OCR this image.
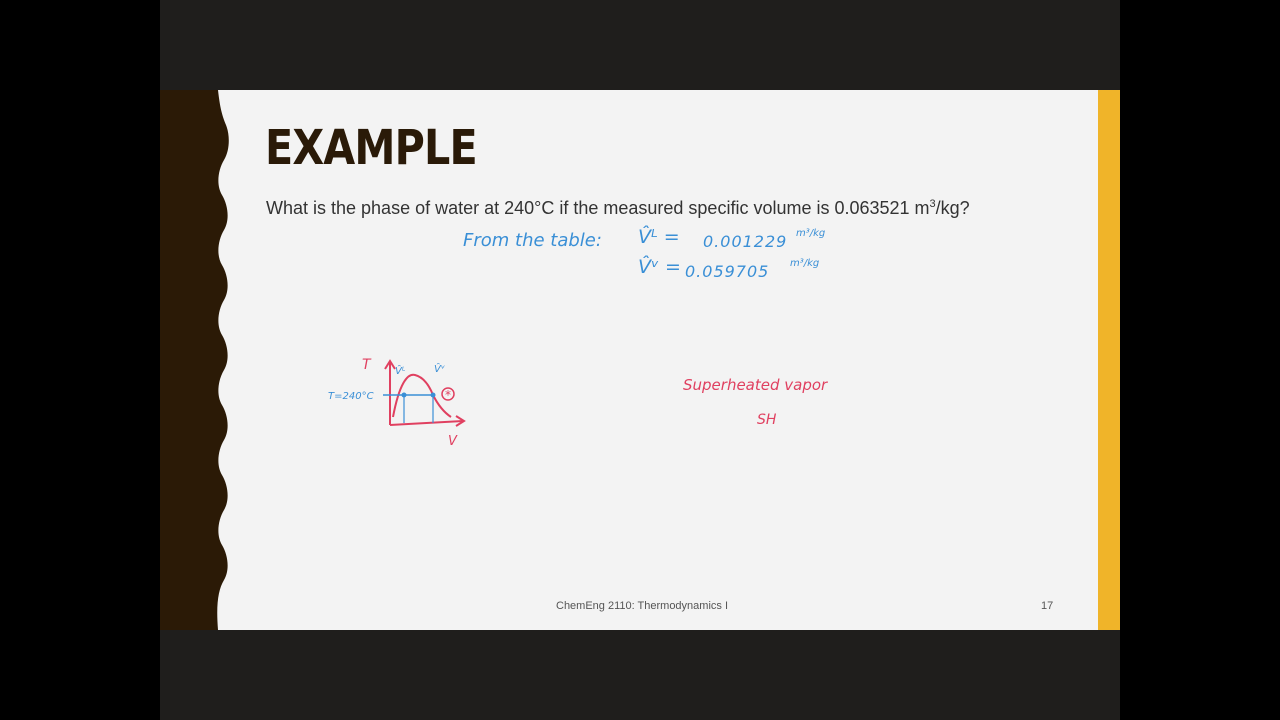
EXAMPLE
What is the phase of water at 240°C if the measured specific volume is 0.063521 $m^3/kg$?
From the table: V̂ᴸ = 0.001229 m³/kg
V̂ᵛ = 0.059705 m³/kg
*
T
V
T=240°C
V̂ᴸ	V̂ᵛ
Superheated vapor
SH
ChemEng 2110: Thermodynamics I	17
